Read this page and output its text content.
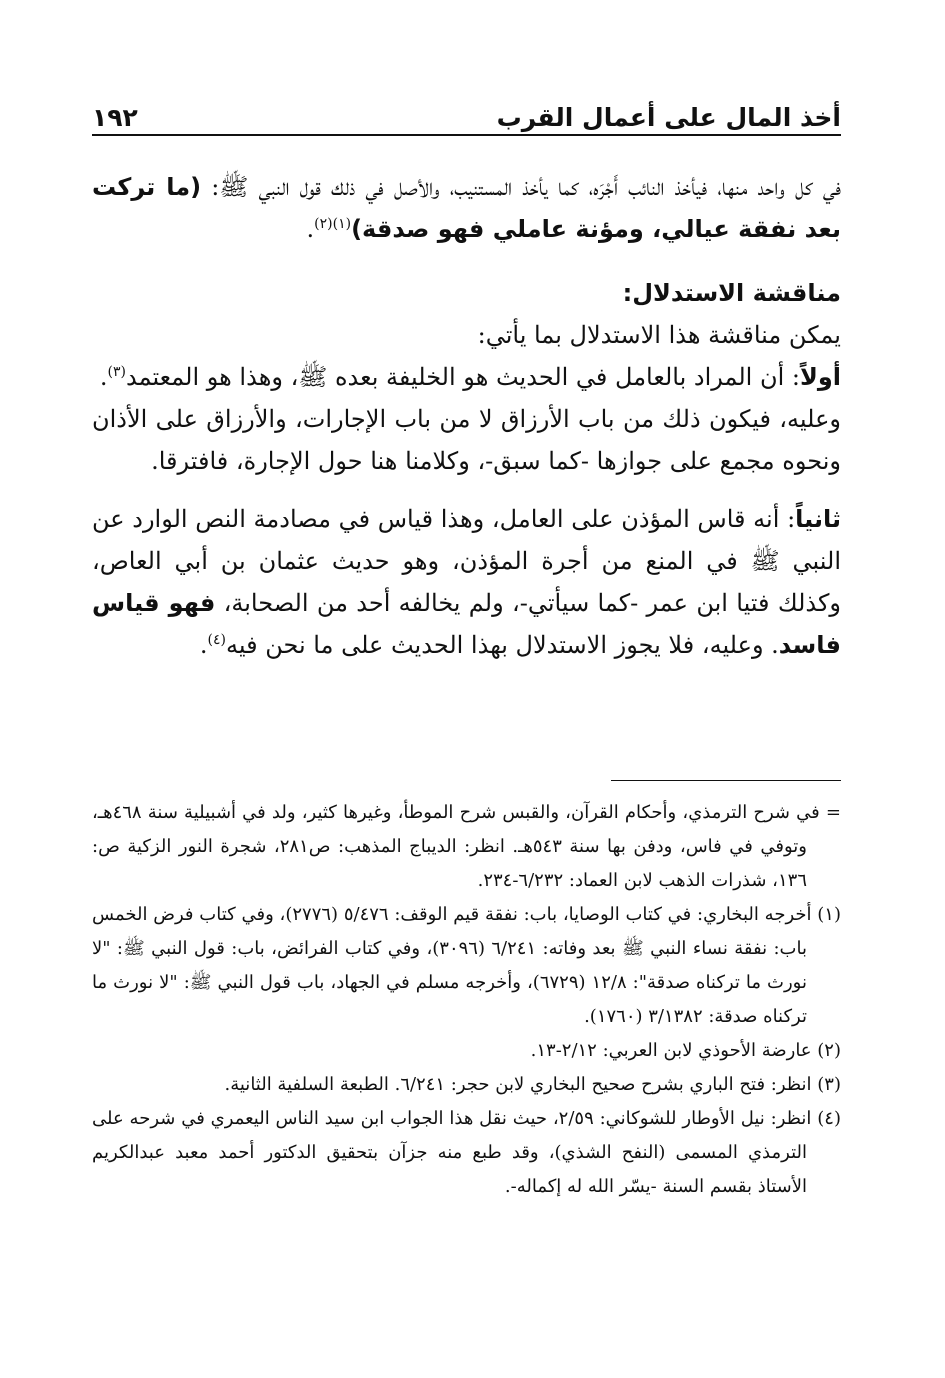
أخذ المال على أعمال القرب
١٩٢

في كل واحد منها، فيأخذ النائب أَجْرَه، كما يأخذ المستنيب، والأصل في ذلك قول النبي ﷺ: (ما تركت بعد نفقة عيالي، ومؤنة عاملي فهو صدقة)$^{(١)(٢)}$.

مناقشة الاستدلال:

يمكن مناقشة هذا الاستدلال بما يأتي:

أولاً: أن المراد بالعامل في الحديث هو الخليفة بعده ﷺ، وهذا هو المعتمد$^{(٣)}$.

وعليه، فيكون ذلك من باب الأرزاق لا من باب الإجارات، والأرزاق على الأذان ونحوه مجمع على جوازها -كما سبق-، وكلامنا هنا حول الإجارة، فافترقا.

ثانياً: أنه قاس المؤذن على العامل، وهذا قياس في مصادمة النص الوارد عن النبي ﷺ في المنع من أجرة المؤذن، وهو حديث عثمان بن أبي العاص، وكذلك فتيا ابن عمر -كما سيأتي-، ولم يخالفه أحد من الصحابة، فهو قياس فاسد. وعليه، فلا يجوز الاستدلال بهذا الحديث على ما نحن فيه$^{(٤)}$.

= في شرح الترمذي، وأحكام القرآن، والقبس شرح الموطأ، وغيرها كثير، ولد في أشبيلية سنة ٤٦٨هـ، وتوفي في فاس، ودفن بها سنة ٥٤٣هـ. انظر: الديباج المذهب: ص٢٨١، شجرة النور الزكية ص: ١٣٦، شذرات الذهب لابن العماد: ٦/٢٣٢-٢٣٤.

(١) أخرجه البخاري: في كتاب الوصايا، باب: نفقة قيم الوقف: ٥/٤٧٦ (٢٧٧٦)، وفي كتاب فرض الخمس باب: نفقة نساء النبي ﷺ بعد وفاته: ٦/٢٤١ (٣٠٩٦)، وفي كتاب الفرائض، باب: قول النبي ﷺ: "لا نورث ما تركناه صدقة": ١٢/٨ (٦٧٢٩)، وأخرجه مسلم في الجهاد، باب قول النبي ﷺ: "لا نورث ما تركناه صدقة: ٣/١٣٨٢ (١٧٦٠).

(٢) عارضة الأحوذي لابن العربي: ٢/١٢-١٣.

(٣) انظر: فتح الباري بشرح صحيح البخاري لابن حجر: ٦/٢٤١. الطبعة السلفية الثانية.

(٤) انظر: نيل الأوطار للشوكاني: ٢/٥٩، حيث نقل هذا الجواب ابن سيد الناس اليعمري في شرحه على الترمذي المسمى (النفح الشذي)، وقد طبع منه جزآن بتحقيق الدكتور أحمد معبد عبدالكريم الأستاذ بقسم السنة -يسّر الله له إكماله-.
